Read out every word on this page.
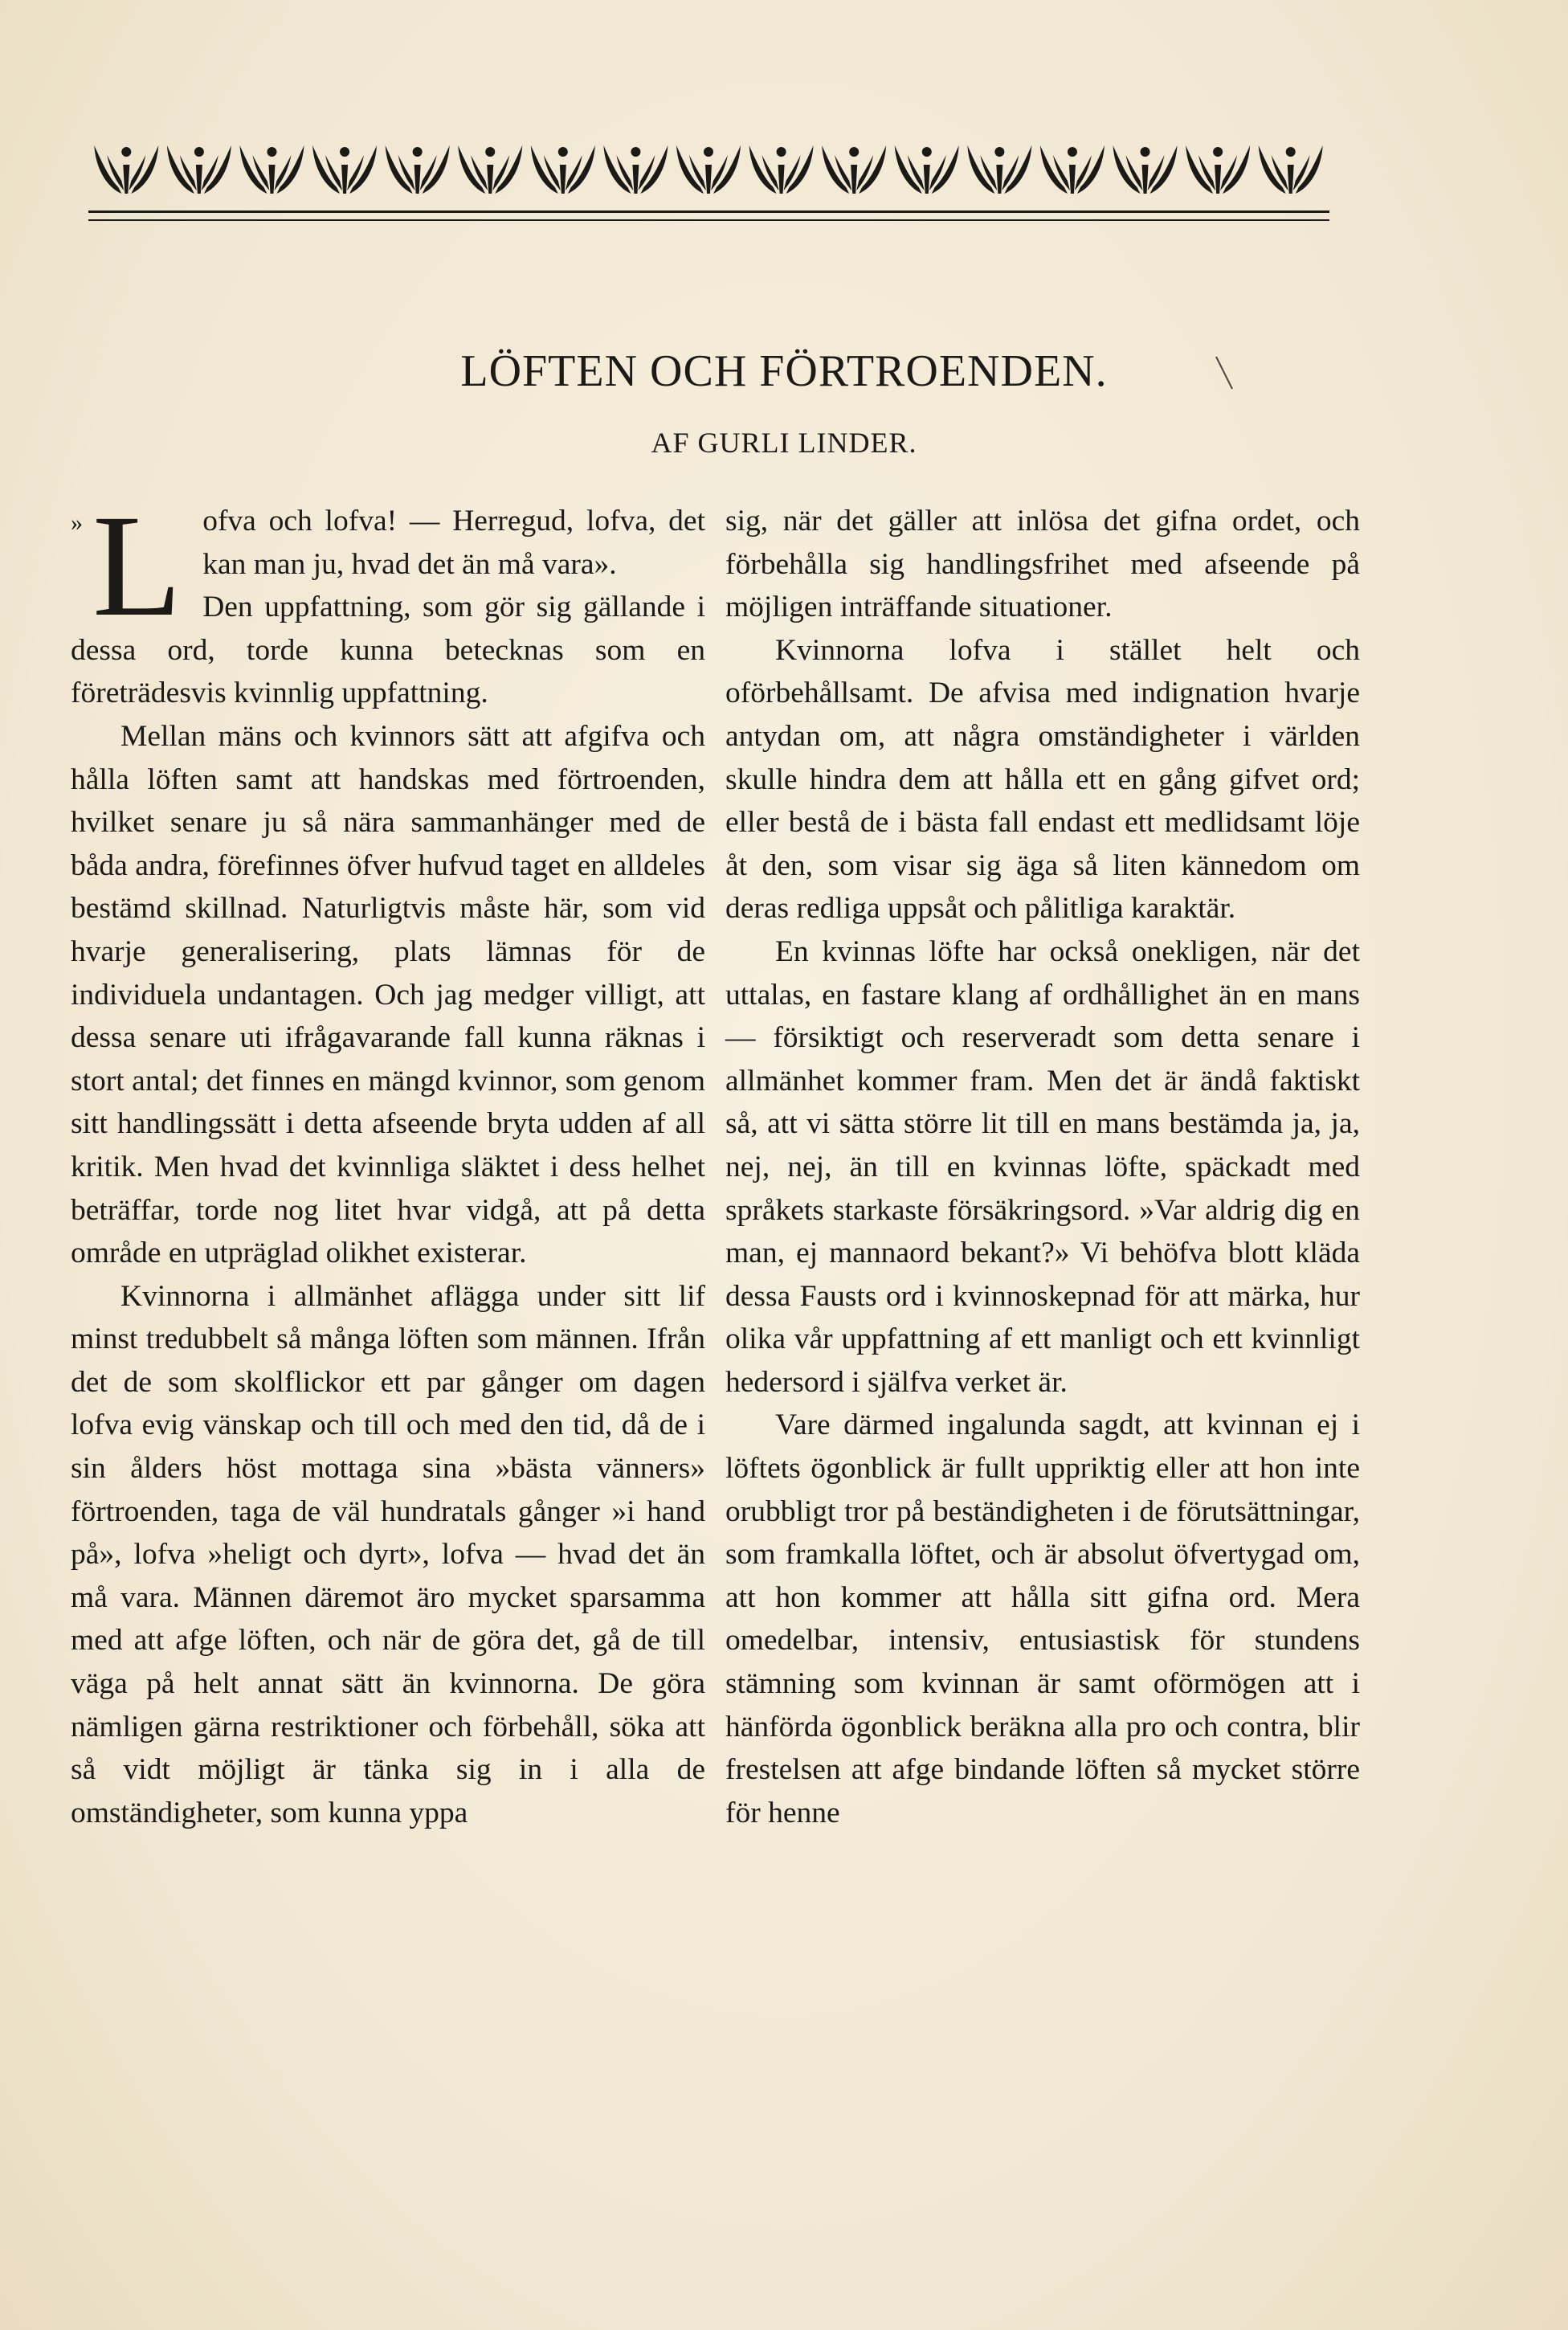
LÖFTEN OCH FÖRTROENDEN.
AF GURLI LINDER.

» L ofva och lofva! — Herregud, lofva, det kan man ju, hvad det än må vara».

Den uppfattning, som gör sig gällande i dessa ord, torde kunna betecknas som en företrädesvis kvinnlig uppfattning.

Mellan mäns och kvinnors sätt att afgifva och hålla löften samt att handskas med förtroenden, hvilket senare ju så nära sammanhänger med de båda andra, förefinnes öfver hufvud taget en alldeles bestämd skillnad. Naturligtvis måste här, som vid hvarje generalisering, plats lämnas för de individuela undantagen. Och jag medger villigt, att dessa senare uti ifrågavarande fall kunna räknas i stort antal; det finnes en mängd kvinnor, som genom sitt handlingssätt i detta afseende bryta udden af all kritik. Men hvad det kvinnliga släktet i dess helhet beträffar, torde nog litet hvar vidgå, att på detta område en utpräglad olikhet existerar.

Kvinnorna i allmänhet aflägga under sitt lif minst tredubbelt så många löften som männen. Ifrån det de som skolflickor ett par gånger om dagen lofva evig vänskap och till och med den tid, då de i sin ålders höst mottaga sina »bästa vänners» förtroenden, taga de väl hundratals gånger »i hand på», lofva »heligt och dyrt», lofva — hvad det än må vara. Männen däremot äro mycket sparsamma med att afge löften, och när de göra det, gå de till väga på helt annat sätt än kvinnorna. De göra nämligen gärna restriktioner och förbehåll, söka att så vidt möjligt är tänka sig in i alla de omständigheter, som kunna yppa

sig, när det gäller att inlösa det gifna ordet, och förbehålla sig handlingsfrihet med afseende på möjligen inträffande situationer.

Kvinnorna lofva i stället helt och oförbehållsamt. De afvisa med indignation hvarje antydan om, att några omständigheter i världen skulle hindra dem att hålla ett en gång gifvet ord; eller bestå de i bästa fall endast ett medlidsamt löje åt den, som visar sig äga så liten kännedom om deras redliga uppsåt och pålitliga karaktär.

En kvinnas löfte har också onekligen, när det uttalas, en fastare klang af ordhållighet än en mans — försiktigt och reserveradt som detta senare i allmänhet kommer fram. Men det är ändå faktiskt så, att vi sätta större lit till en mans bestämda ja, ja, nej, nej, än till en kvinnas löfte, späckadt med språkets starkaste försäkringsord. »Var aldrig dig en man, ej mannaord bekant?» Vi behöfva blott kläda dessa Fausts ord i kvinnoskepnad för att märka, hur olika vår uppfattning af ett manligt och ett kvinnligt hedersord i själfva verket är.

Vare därmed ingalunda sagdt, att kvinnan ej i löftets ögonblick är fullt uppriktig eller att hon inte orubbligt tror på beständigheten i de förutsättningar, som framkalla löftet, och är absolut öfvertygad om, att hon kommer att hålla sitt gifna ord. Mera omedelbar, intensiv, entusiastisk för stundens stämning som kvinnan är samt oförmögen att i hänförda ögonblick beräkna alla pro och contra, blir frestelsen att afge bindande löften så mycket större för henne
